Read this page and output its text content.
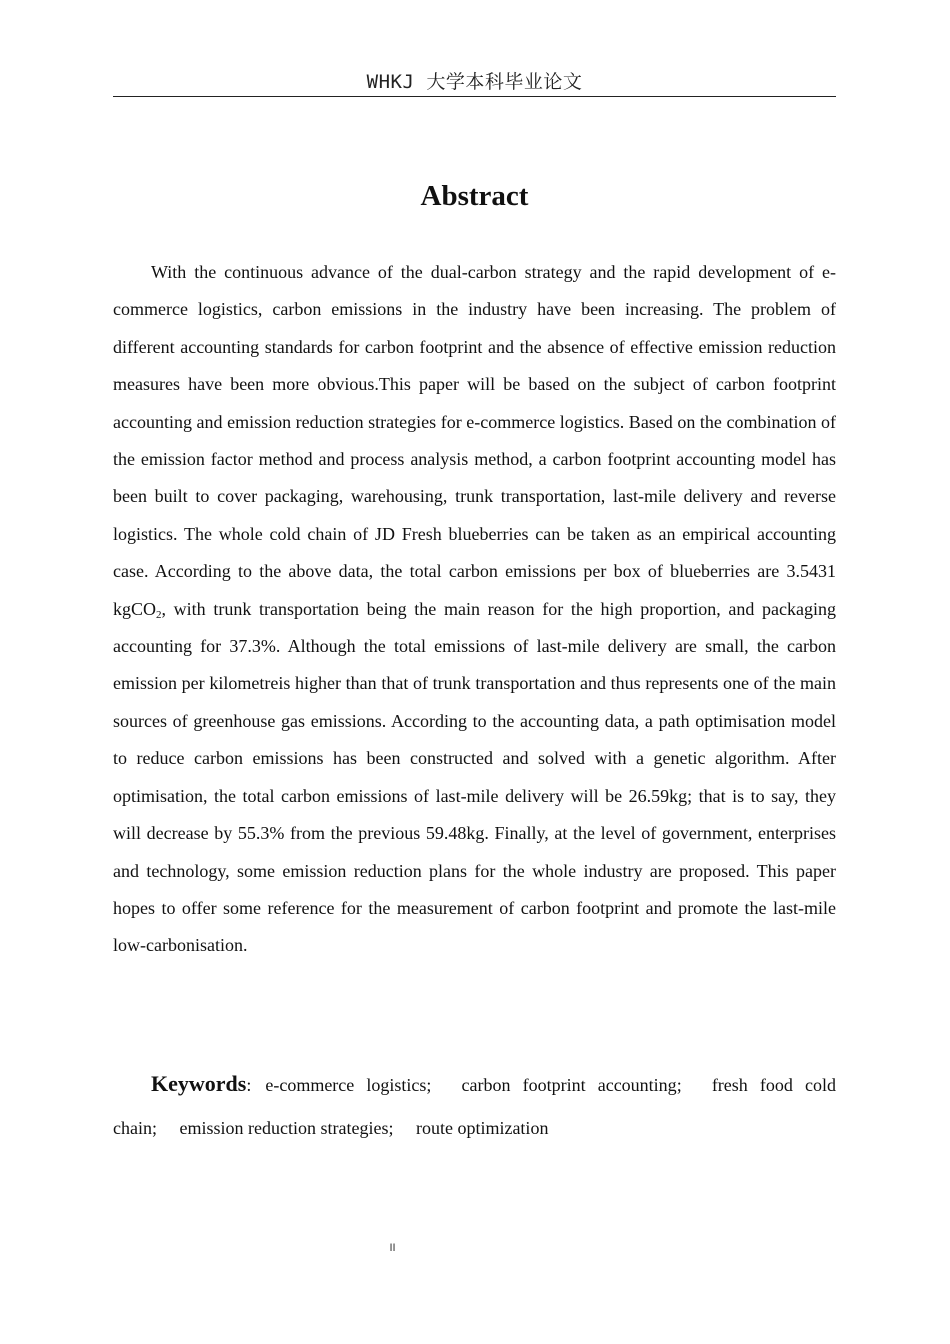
WHKJ 大学本科毕业论文
Abstract

With the continuous advance of the dual-carbon strategy and the rapid development of e-commerce logistics, carbon emissions in the industry have been increasing. The problem of different accounting standards for carbon footprint and the absence of effective emission reduction measures have been more obvious.This paper will be based on the subject of carbon footprint accounting and emission reduction strategies for e-commerce logistics. Based on the combination of the emission factor method and process analysis method, a carbon footprint accounting model has been built to cover packaging, warehousing, trunk transportation, last-mile delivery and reverse logistics. The whole cold chain of JD Fresh blueberries can be taken as an empirical accounting case. According to the above data, the total carbon emissions per box of blueberries are 3.5431 kgCO$_2$, with trunk transportation being the main reason for the high proportion, and packaging accounting for 37.3%. Although the total emissions of last-mile delivery are small, the carbon emission per kilometreis higher than that of trunk transportation and thus represents one of the main sources of greenhouse gas emissions. According to the accounting data, a path optimisation model to reduce carbon emissions has been constructed and solved with a genetic algorithm. After optimisation, the total carbon emissions of last-mile delivery will be 26.59kg; that is to say, they will decrease by 55.3% from the previous 59.48kg. Finally, at the level of government, enterprises and technology, some emission reduction plans for the whole industry are proposed. This paper hopes to offer some reference for the measurement of carbon footprint and promote the last-mile low-carbonisation.

Keywords: e-commerce logistics; carbon footprint accounting; fresh food cold chain; emission reduction strategies; route optimization

II
